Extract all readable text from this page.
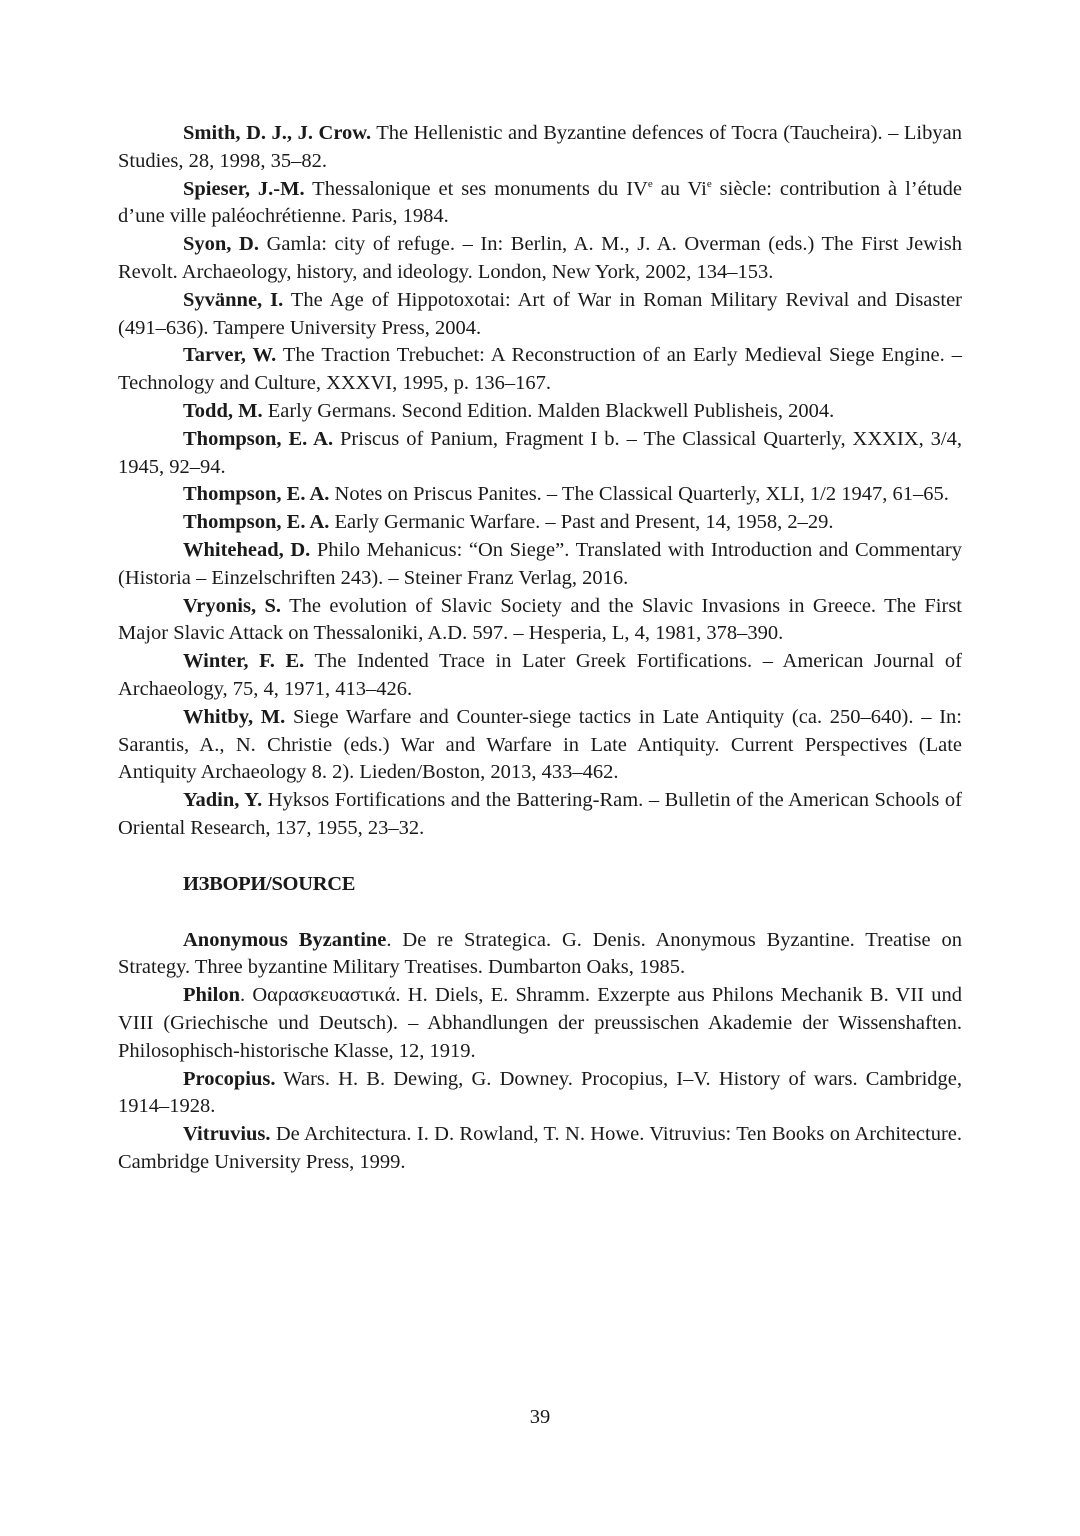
Smith, D. J., J. Crow. The Hellenistic and Byzantine defences of Tocra (Taucheira). – Libyan Studies, 28, 1998, 35–82.

Spieser, J.-M. Thessalonique et ses monuments du IVe au Vi$^e$ siècle: contribution à l’étude d’une ville paléochrétienne. Paris, 1984.

Syon, D. Gamla: city of refuge. – In: Berlin, A. M., J. A. Overman (eds.) The First Jewish Revolt. Archaeology, history, and ideology. London, New York, 2002, 134–153.

Syvänne, I. The Age of Hippotoxotai: Art of War in Roman Military Revival and Disaster (491–636). Tampere University Press, 2004.

Tarver, W. The Traction Trebuchet: A Reconstruction of an Early Medieval Siege Engine. – Technology and Culture, XXXVI, 1995, p. 136–167.

Todd, M. Early Germans. Second Edition. Malden Blackwell Publisheis, 2004.

Thompson, E. A. Priscus of Panium, Fragment I b. – The Classical Quarterly, XXXIX, 3/4, 1945, 92–94.

Thompson, E. A. Notes on Priscus Panites. – The Classical Quarterly, XLI, 1/2 1947, 61–65.

Thompson, E. A. Early Germanic Warfare. – Past and Present, 14, 1958, 2–29.

Whitehead, D. Philo Mehanicus: “On Siege”. Translated with Introduction and Commentary (Historia – Einzelschriften 243). – Steiner Franz Verlag, 2016.

Vryonis, S. The evolution of Slavic Society and the Slavic Invasions in Greece. The First Major Slavic Attack on Thessaloniki, A.D. 597. – Hesperia, L, 4, 1981, 378–390.

Winter, F. E. The Indented Trace in Later Greek Fortifications. – American Journal of Archaeology, 75, 4, 1971, 413–426.

Whitby, M. Siege Warfare and Counter-siege tactics in Late Antiquity (ca. 250–640). – In: Sarantis, A., N. Christie (eds.) War and Warfare in Late Antiquity. Current Perspectives (Late Antiquity Archaeology 8. 2). Lieden/Boston, 2013, 433–462.

Yadin, Y. Hyksos Fortifications and the Battering-Ram. – Bulletin of the American Schools of Oriental Research, 137, 1955, 23–32.

ИЗВОРИ/SOURCE

Anonymous Byzantine. De re Strategica. G. Denis. Anonymous Byzantine. Treatise on Strategy. Three byzantine Military Treatises. Dumbarton Oaks, 1985.

Philon. Οαρασκευαστικά. H. Diels, E. Shramm. Exzerpte aus Philons Mechanik B. VII und VIII (Griechische und Deutsch). – Abhandlungen der preussischen Akademie der Wissenshaften. Philosophisch-historische Klasse, 12, 1919.

Procopius. Wars. H. B. Dewing, G. Downey. Procopius, I–V. History of wars. Cambridge, 1914–1928.

Vitruvius. De Architectura. I. D. Rowland, T. N. Howe. Vitruvius: Ten Books on Architecture. Cambridge University Press, 1999.

39
